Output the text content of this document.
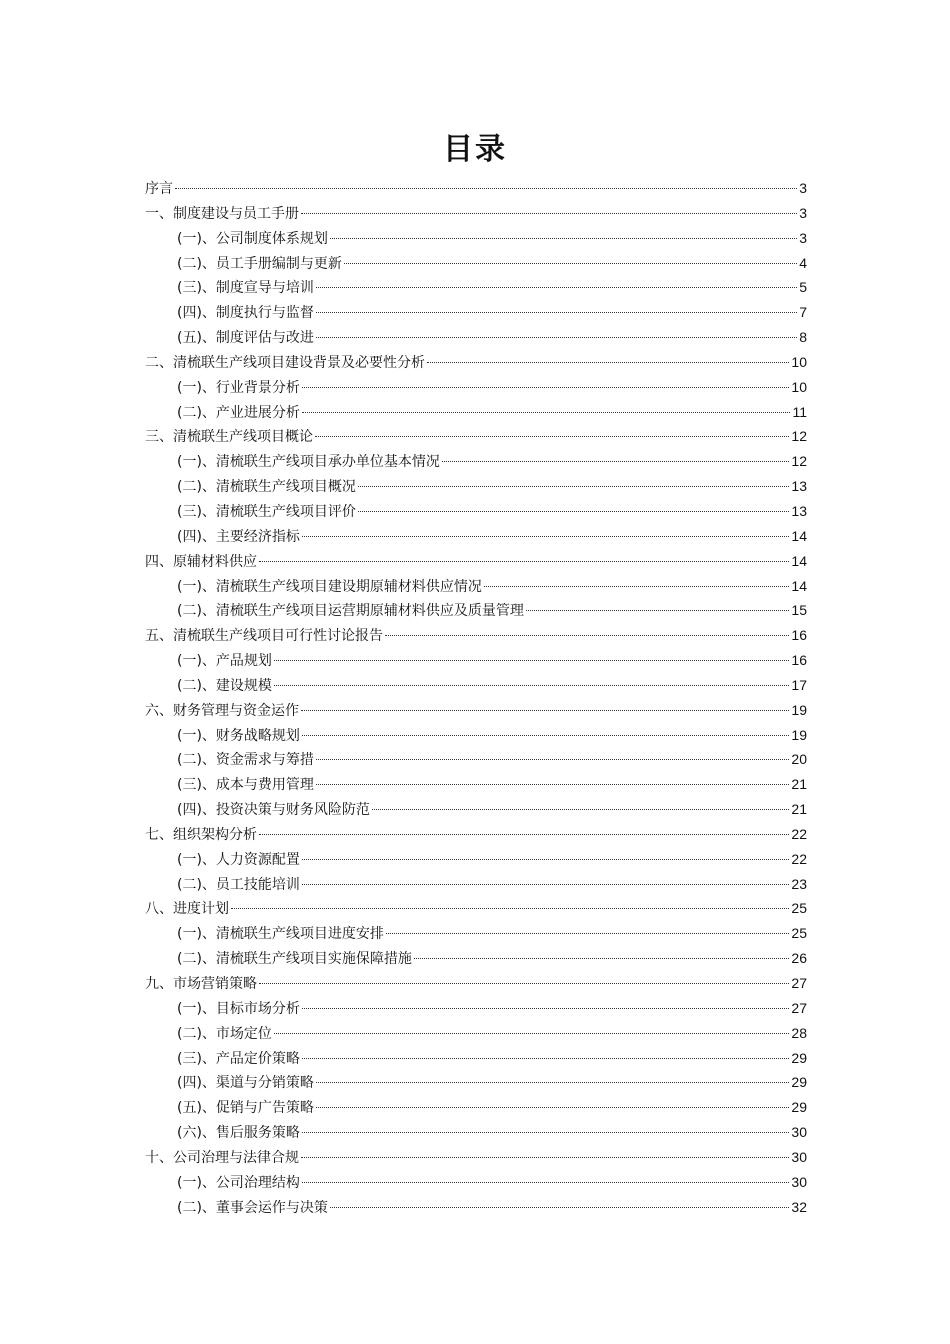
目录
序言	3
一、制度建设与员工手册	3
(一)、公司制度体系规划	3
(二)、员工手册编制与更新	4
(三)、制度宣导与培训	5
(四)、制度执行与监督	7
(五)、制度评估与改进	8
二、清梳联生产线项目建设背景及必要性分析	10
(一)、行业背景分析	10
(二)、产业进展分析	11
三、清梳联生产线项目概论	12
(一)、清梳联生产线项目承办单位基本情况	12
(二)、清梳联生产线项目概况	13
(三)、清梳联生产线项目评价	13
(四)、主要经济指标	14
四、原辅材料供应	14
(一)、清梳联生产线项目建设期原辅材料供应情况	14
(二)、清梳联生产线项目运营期原辅材料供应及质量管理	15
五、清梳联生产线项目可行性讨论报告	16
(一)、产品规划	16
(二)、建设规模	17
六、财务管理与资金运作	19
(一)、财务战略规划	19
(二)、资金需求与筹措	20
(三)、成本与费用管理	21
(四)、投资决策与财务风险防范	21
七、组织架构分析	22
(一)、人力资源配置	22
(二)、员工技能培训	23
八、进度计划	25
(一)、清梳联生产线项目进度安排	25
(二)、清梳联生产线项目实施保障措施	26
九、市场营销策略	27
(一)、目标市场分析	27
(二)、市场定位	28
(三)、产品定价策略	29
(四)、渠道与分销策略	29
(五)、促销与广告策略	29
(六)、售后服务策略	30
十、公司治理与法律合规	30
(一)、公司治理结构	30
(二)、董事会运作与决策	32
